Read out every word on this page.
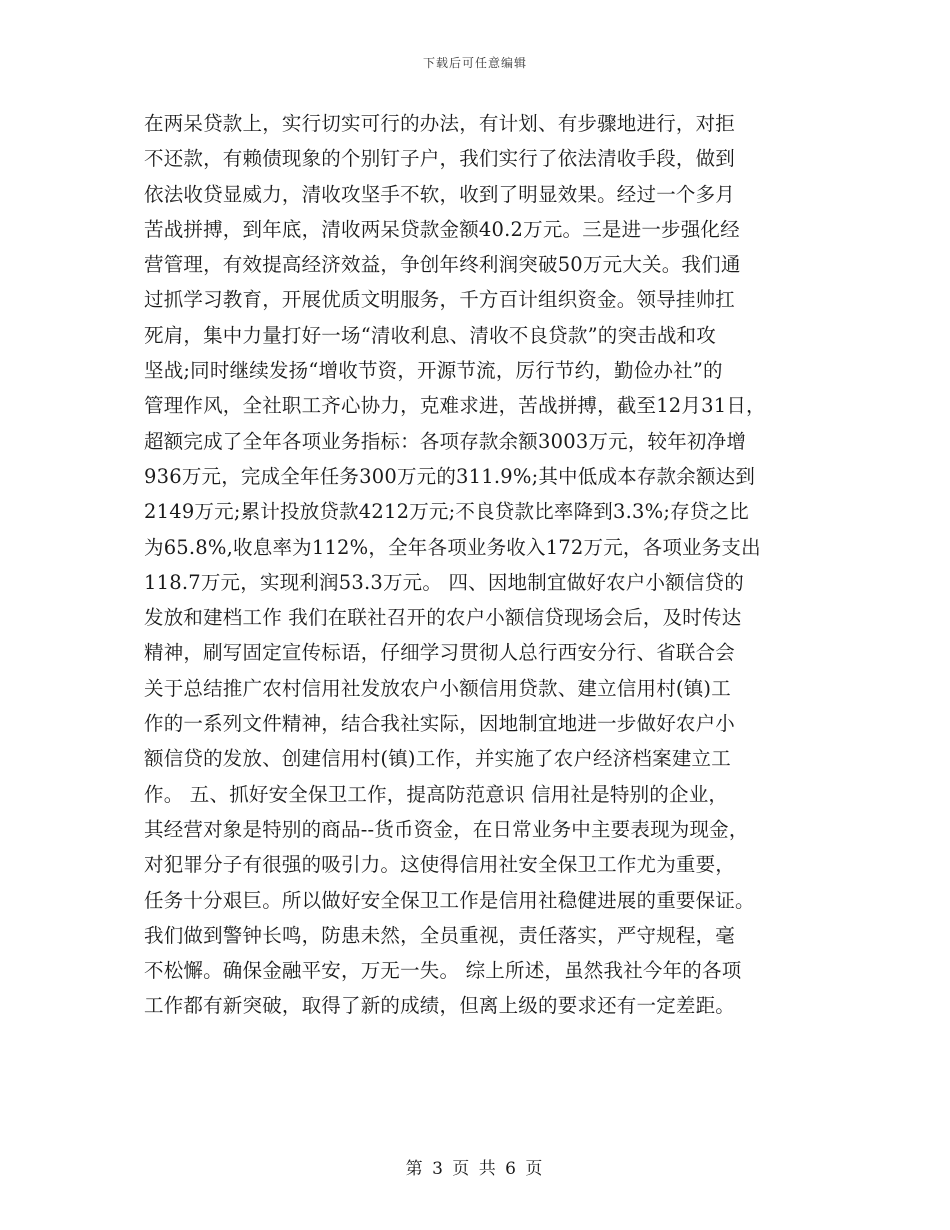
下载后可任意编辑
在两呆贷款上，实行切实可行的办法，有计划、有步骤地进行，对拒
不还款，有赖债现象的个别钉子户，我们实行了依法清收手段，做到
依法收贷显威力，清收攻坚手不软，收到了明显效果。经过一个多月
苦战拼搏，到年底，清收两呆贷款金额40.2万元。三是进一步强化经
营管理，有效提高经济效益，争创年终利润突破50万元大关。我们通
过抓学习教育，开展优质文明服务，千方百计组织资金。领导挂帅扛
死肩，集中力量打好一场“清收利息、清收不良贷款”的突击战和攻
坚战;同时继续发扬“增收节资，开源节流，厉行节约，勤俭办社”的
管理作风，全社职工齐心协力，克难求进，苦战拼搏，截至12月31日，
超额完成了全年各项业务指标：各项存款余额3003万元，较年初净增
936万元，完成全年任务300万元的311.9%;其中低成本存款余额达到
2149万元;累计投放贷款4212万元;不良贷款比率降到3.3%;存贷之比
为65.8%,收息率为112%，全年各项业务收入172万元，各项业务支出
118.7万元，实现利润53.3万元。 四、因地制宜做好农户小额信贷的
发放和建档工作 我们在联社召开的农户小额信贷现场会后，及时传达
精神，刷写固定宣传标语，仔细学习贯彻人总行西安分行、省联合会
关于总结推广农村信用社发放农户小额信用贷款、建立信用村(镇)工
作的一系列文件精神，结合我社实际，因地制宜地进一步做好农户小
额信贷的发放、创建信用村(镇)工作，并实施了农户经济档案建立工
作。 五、抓好安全保卫工作，提高防范意识 信用社是特别的企业，
其经营对象是特别的商品--货币资金，在日常业务中主要表现为现金，
对犯罪分子有很强的吸引力。这使得信用社安全保卫工作尤为重要，
任务十分艰巨。所以做好安全保卫工作是信用社稳健进展的重要保证。
我们做到警钟长鸣，防患未然，全员重视，责任落实，严守规程，毫
不松懈。确保金融平安，万无一失。 综上所述，虽然我社今年的各项
工作都有新突破，取得了新的成绩，但离上级的要求还有一定差距。
第 3 页 共 6 页
